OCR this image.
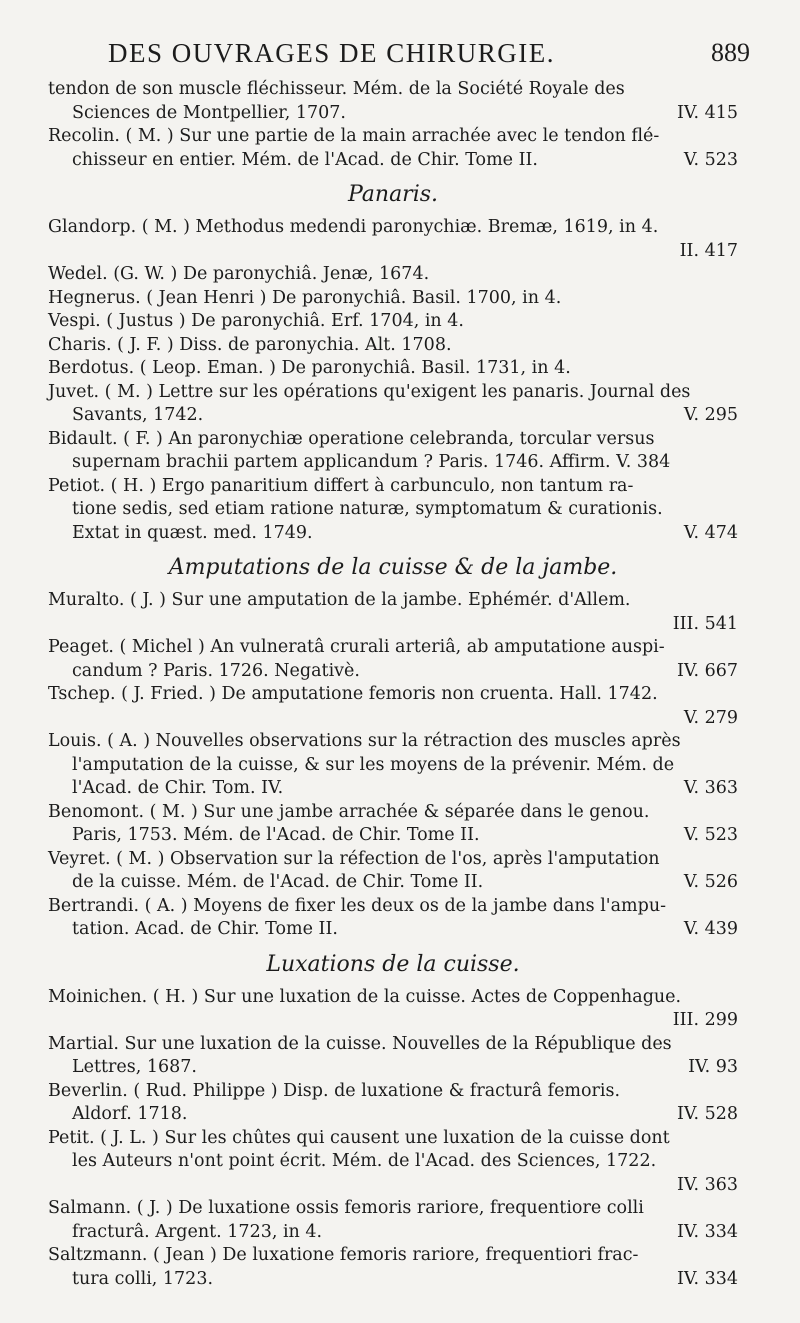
DES OUVRAGES DE CHIRURGIE.	889
tendon de son muscle fléchisseur. Mém. de la Société Royale des
Sciences de Montpellier, 1707.	IV. 415
Recolin. ( M. ) Sur une partie de la main arrachée avec le tendon flé-
chisseur en entier. Mém. de l'Acad. de Chir. Tome II.	V. 523
Panaris.
Glandorp. ( M. ) Methodus medendi paronychiæ. Bremæ, 1619, in 4.
II. 417
Wedel. (G. W. ) De paronychiâ. Jenæ, 1674.
Hegnerus. ( Jean Henri ) De paronychiâ. Basil. 1700, in 4.
Vespi. ( Justus ) De paronychiâ. Erf. 1704, in 4.
Charis. ( J. F. ) Diss. de paronychia. Alt. 1708.
Berdotus. ( Leop. Eman. ) De paronychiâ. Basil. 1731, in 4.
Juvet. ( M. ) Lettre sur les opérations qu'exigent les panaris. Journal des
Savants, 1742.	V. 295
Bidault. ( F. ) An paronychiæ operatione celebranda, torcular versus
supernam brachii partem applicandum ? Paris. 1746. Affirm. V. 384
Petiot. ( H. ) Ergo panaritium differt à carbunculo, non tantum ra-
tione sedis, sed etiam ratione naturæ, symptomatum & curationis.
Extat in quæst. med. 1749.	V. 474
Amputations de la cuisse & de la jambe.
Muralto. ( J. ) Sur une amputation de la jambe. Ephémér. d'Allem.
III. 541
Peaget. ( Michel ) An vulneratâ crurali arteriâ, ab amputatione auspi-
candum ? Paris. 1726. Negativè.	IV. 667
Tschep. ( J. Fried. ) De amputatione femoris non cruenta. Hall. 1742.
V. 279
Louis. ( A. ) Nouvelles observations sur la rétraction des muscles après
l'amputation de la cuisse, & sur les moyens de la prévenir. Mém. de
l'Acad. de Chir. Tom. IV.	V. 363
Benomont. ( M. ) Sur une jambe arrachée & séparée dans le genou.
Paris, 1753. Mém. de l'Acad. de Chir. Tome II.	V. 523
Veyret. ( M. ) Observation sur la réfection de l'os, après l'amputation
de la cuisse. Mém. de l'Acad. de Chir. Tome II.	V. 526
Bertrandi. ( A. ) Moyens de fixer les deux os de la jambe dans l'ampu-
tation. Acad. de Chir. Tome II.	V. 439
Luxations de la cuisse.
Moinichen. ( H. ) Sur une luxation de la cuisse. Actes de Coppenhague.
III. 299
Martial. Sur une luxation de la cuisse. Nouvelles de la République des
Lettres, 1687.	IV. 93
Beverlin. ( Rud. Philippe ) Disp. de luxatione & fracturâ femoris.
Aldorf. 1718.	IV. 528
Petit. ( J. L. ) Sur les chûtes qui causent une luxation de la cuisse dont
les Auteurs n'ont point écrit. Mém. de l'Acad. des Sciences, 1722.
IV. 363
Salmann. ( J. ) De luxatione ossis femoris rariore, frequentiore colli
fracturâ. Argent. 1723, in 4.	IV. 334
Saltzmann. ( Jean ) De luxatione femoris rariore, frequentiori frac-
tura colli, 1723.	IV. 334
